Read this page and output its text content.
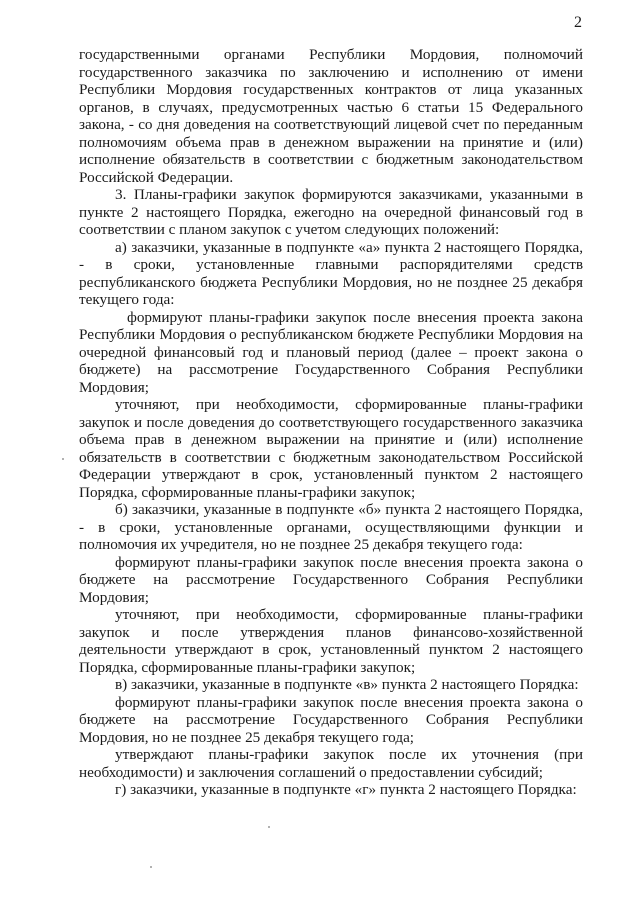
2

государственными органами Республики Мордовия, полномочий государственного заказчика по заключению и исполнению от имени Республики Мордовия государственных контрактов от лица указанных органов, в случаях, предусмотренных частью 6 статьи 15 Федерального закона, - со дня доведения на соответствующий лицевой счет по переданным полномочиям объема прав в денежном выражении на принятие и (или) исполнение обязательств в соответствии с бюджетным законодательством Российской Федерации.

3. Планы-графики закупок формируются заказчиками, указанными в пункте 2 настоящего Порядка, ежегодно на очередной финансовый год в соответствии с планом закупок с учетом следующих положений:

а) заказчики, указанные в подпункте «а» пункта 2 настоящего Порядка, - в сроки, установленные главными распорядителями средств республиканского бюджета Республики Мордовия, но не позднее 25 декабря текущего года:

формируют планы-графики закупок после внесения проекта закона Республики Мордовия о республиканском бюджете Республики Мордовия на очередной финансовый год и плановый период (далее – проект закона о бюджете) на рассмотрение Государственного Собрания Республики Мордовия;

уточняют, при необходимости, сформированные планы-графики закупок и после доведения до соответствующего государственного заказчика объема прав в денежном выражении на принятие и (или) исполнение обязательств в соответствии с бюджетным законодательством Российской Федерации утверждают в срок, установленный пунктом 2 настоящего Порядка, сформированные планы-графики закупок;

б) заказчики, указанные в подпункте «б» пункта 2 настоящего Порядка, - в сроки, установленные органами, осуществляющими функции и полномочия их учредителя, но не позднее 25 декабря текущего года:

формируют планы-графики закупок после внесения проекта закона о бюджете на рассмотрение Государственного Собрания Республики Мордовия;

уточняют, при необходимости, сформированные планы-графики закупок и после утверждения планов финансово-хозяйственной деятельности утверждают в срок, установленный пунктом 2 настоящего Порядка, сформированные планы-графики закупок;

в) заказчики, указанные в подпункте «в» пункта 2 настоящего Порядка:

формируют планы-графики закупок после внесения проекта закона о бюджете на рассмотрение Государственного Собрания Республики Мордовия, но не позднее 25 декабря текущего года;

утверждают планы-графики закупок после их уточнения (при необходимости) и заключения соглашений о предоставлении субсидий;

г) заказчики, указанные в подпункте «г» пункта 2 настоящего Порядка:
